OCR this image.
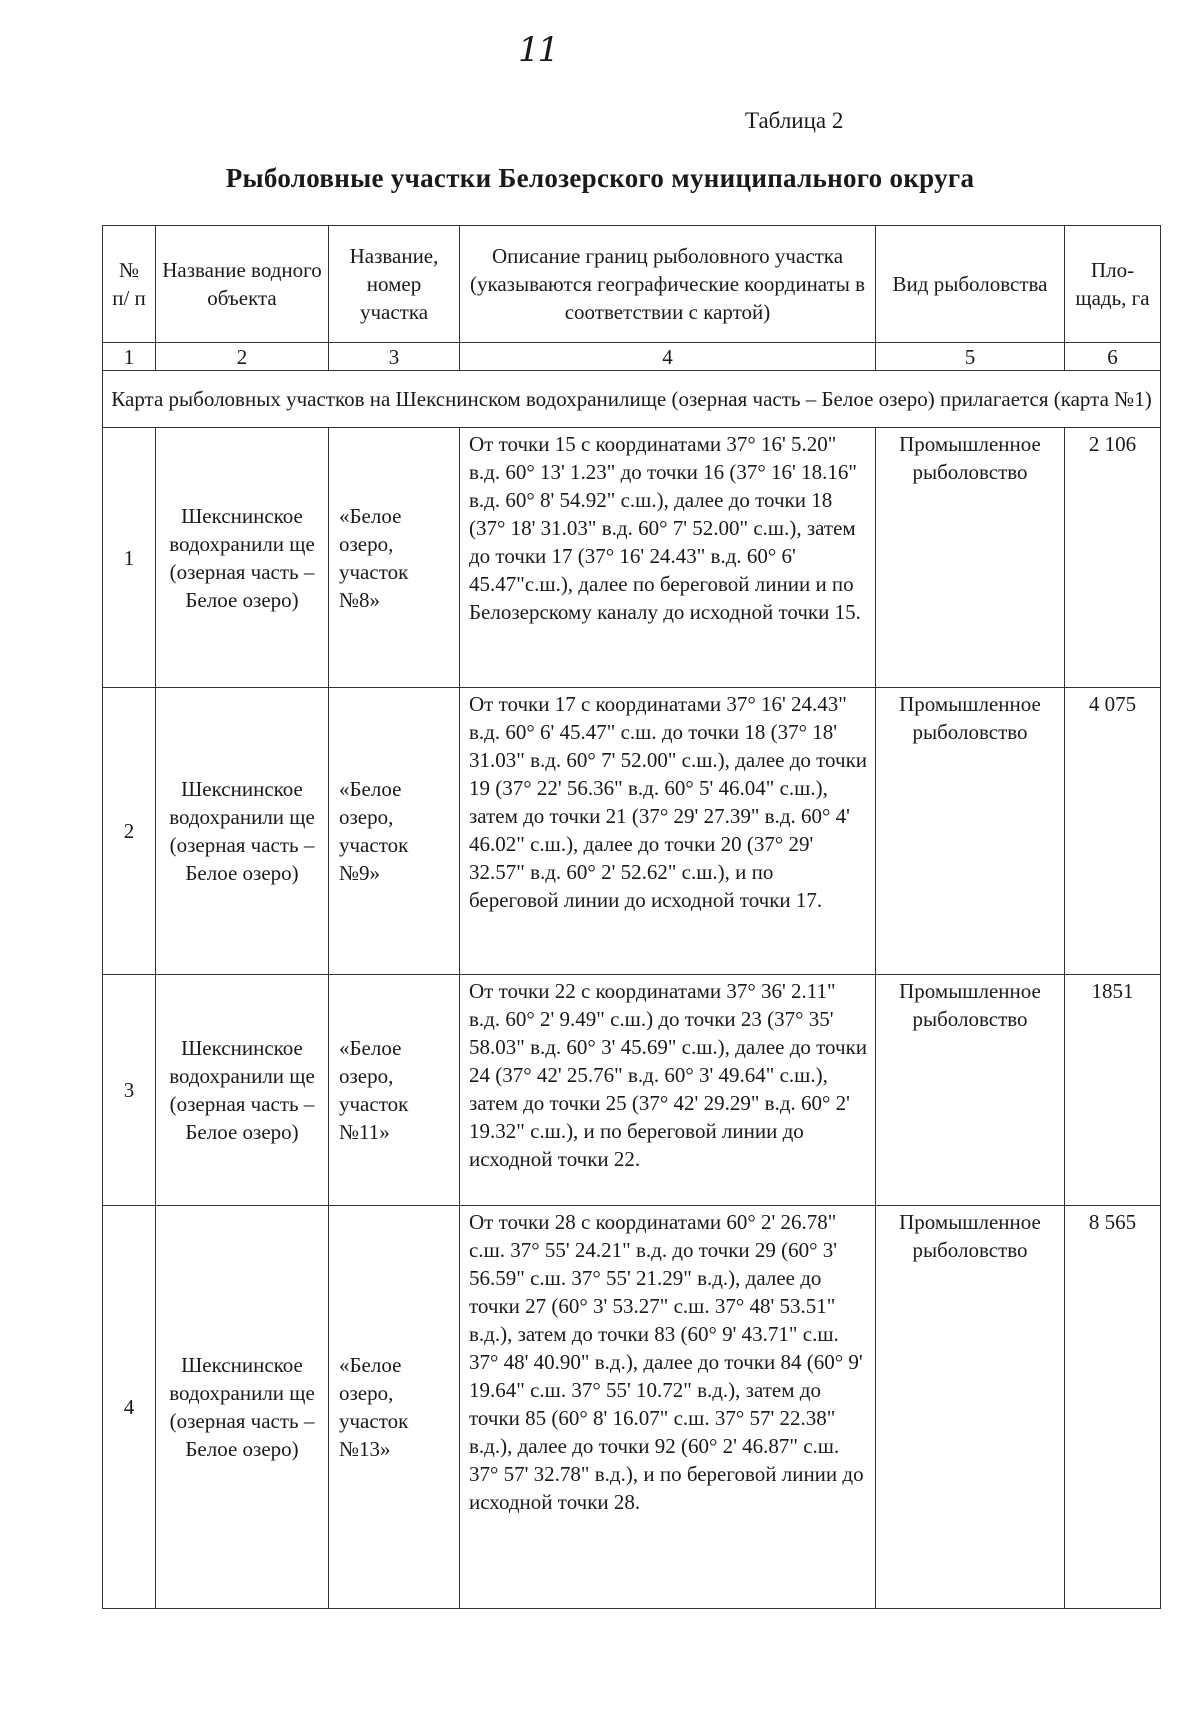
11
Таблица 2
Рыболовные участки Белозерского муниципального округа
№ п/ п	Название водного объекта	Название, номер участка	Описание границ рыболовного участка (указываются географические координаты в соответствии с картой)	Вид рыболовства	Пло- щадь, га
1	2	3	4	5	6
Карта рыболовных участков на Шекснинском водохранилище (озерная часть – Белое озеро) прилагается (карта №1)					
1	Шекснинское водохранили ще (озерная часть – Белое озеро)	«Белое озеро, участок №8»	От точки 15 с координатами 37° 16' 5.20" в.д. 60° 13' 1.23" до точки 16 (37° 16' 18.16" в.д. 60° 8' 54.92" с.ш.), далее до точки 18 (37° 18' 31.03" в.д. 60° 7' 52.00" с.ш.), затем до точки 17 (37° 16' 24.43" в.д. 60° 6' 45.47"с.ш.), далее по береговой линии и по Белозерскому каналу до исходной точки 15.	Промышленное рыболовство	2 106
2	Шекснинское водохранили ще (озерная часть – Белое озеро)	«Белое озеро, участок №9»	От точки 17 с координатами 37° 16' 24.43" в.д. 60° 6' 45.47" с.ш. до точки 18 (37° 18' 31.03" в.д. 60° 7' 52.00" с.ш.), далее до точки 19 (37° 22' 56.36" в.д. 60° 5' 46.04" с.ш.), затем до точки 21 (37° 29' 27.39" в.д. 60° 4' 46.02" с.ш.), далее до точки 20 (37° 29' 32.57" в.д. 60° 2' 52.62" с.ш.), и по береговой линии до исходной точки 17.	Промышленное рыболовство	4 075
3	Шекснинское водохранили ще (озерная часть – Белое озеро)	«Белое озеро, участок №11»	От точки 22 с координатами 37° 36' 2.11" в.д. 60° 2' 9.49" с.ш.) до точки 23 (37° 35' 58.03" в.д. 60° 3' 45.69" с.ш.), далее до точки 24 (37° 42' 25.76" в.д. 60° 3' 49.64" с.ш.), затем до точки 25 (37° 42' 29.29" в.д. 60° 2' 19.32" с.ш.), и по береговой линии до исходной точки 22.	Промышленное рыболовство	1851
4	Шекснинское водохранили ще (озерная часть – Белое озеро)	«Белое озеро, участок №13»	От точки 28 с координатами 60° 2' 26.78" с.ш. 37° 55' 24.21" в.д. до точки 29 (60° 3' 56.59" с.ш. 37° 55' 21.29" в.д.), далее до точки 27 (60° 3' 53.27" с.ш. 37° 48' 53.51" в.д.), затем до точки 83 (60° 9' 43.71" с.ш. 37° 48' 40.90" в.д.), далее до точки 84 (60° 9' 19.64" с.ш. 37° 55' 10.72" в.д.), затем до точки 85 (60° 8' 16.07" с.ш. 37° 57' 22.38" в.д.), далее до точки 92 (60° 2' 46.87" с.ш. 37° 57' 32.78" в.д.), и по береговой линии до исходной точки 28.	Промышленное рыболовство	8 565
